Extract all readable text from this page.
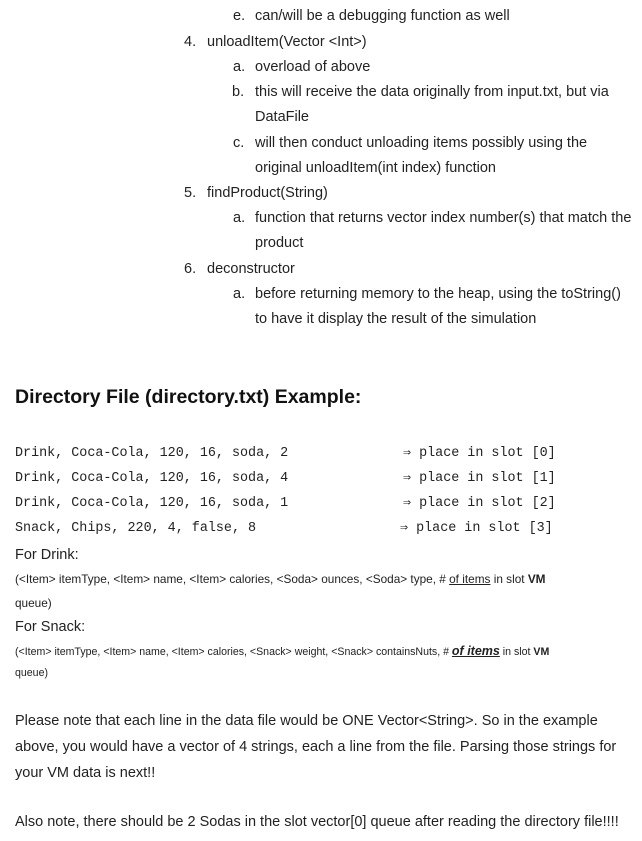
e. can/will be a debugging function as well
4. unloadItem(Vector <Int>)
a. overload of above
b. this will receive the data originally from input.txt, but via
DataFile
c. will then conduct unloading items possibly using the
original unloadItem(int index) function
5. findProduct(String)
a. function that returns vector index number(s) that match the
product
6. deconstructor
a. before returning memory to the heap, using the toString()
to have it display the result of the simulation
Directory File (directory.txt) Example:
Drink, Coca-Cola, 120, 16, soda, 2	⇒ place in slot [0]
Drink, Coca-Cola, 120, 16, soda, 4	⇒ place in slot [1]
Drink, Coca-Cola, 120, 16, soda, 1	⇒ place in slot [2]
Snack, Chips, 220, 4, false, 8	⇒ place in slot [3]
For Drink:
(<Item> itemType, <Item> name, <Item> calories, <Soda> ounces, <Soda> type, # of items in slot VM
queue)
For Snack:
(<Item> itemType, <Item> name, <Item> calories, <Snack> weight, <Snack> containsNuts, # of items in slot VM
queue)
Please note that each line in the data file would be ONE Vector<String>. So in the example
above, you would have a vector of 4 strings, each a line from the file. Parsing those strings for
your VM data is next!!
Also note, there should be 2 Sodas in the slot vector[0] queue after reading the directory file!!!!
